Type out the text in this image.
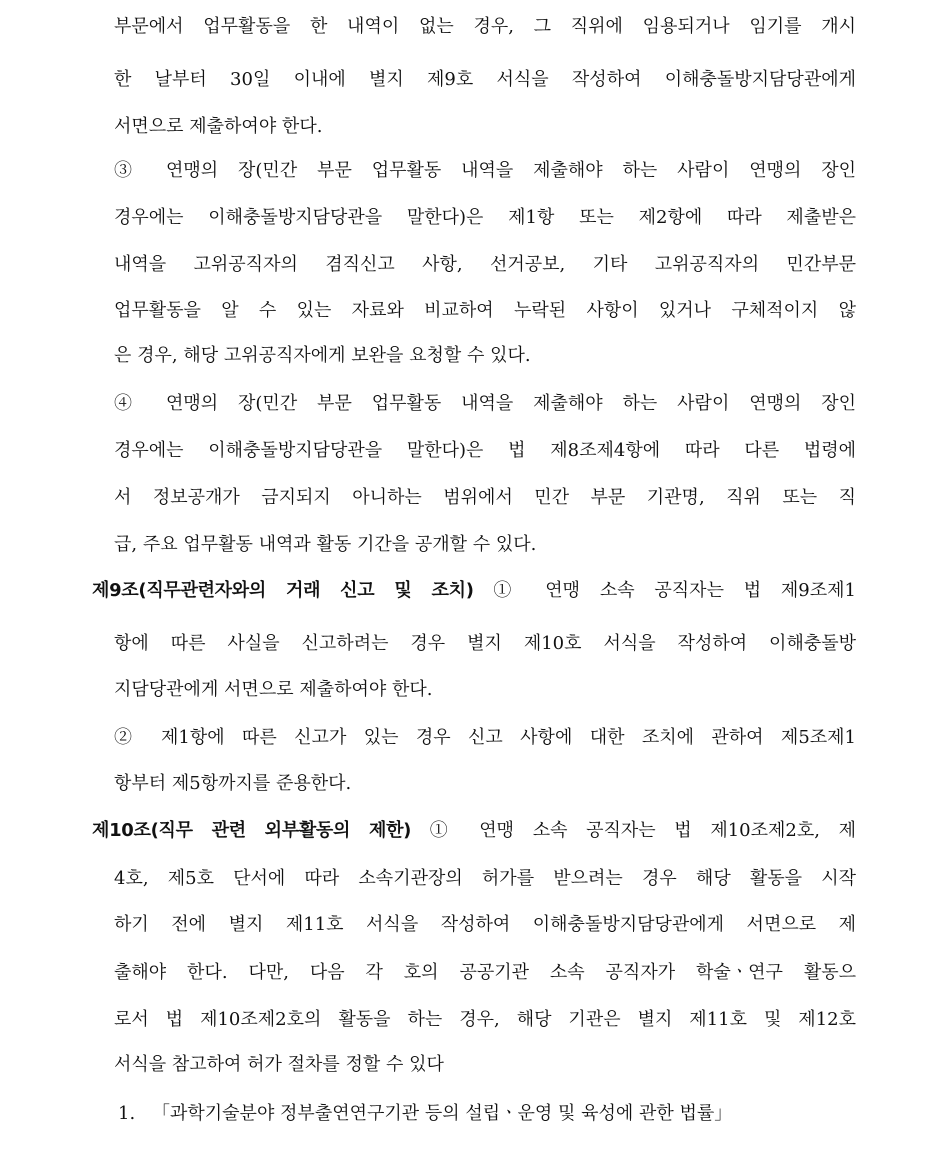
부문에서 업무활동을 한 내역이 없는 경우, 그 직위에 임용되거나 임기를 개시
한 날부터 30일 이내에 별지 제9호 서식을 작성하여 이해충돌방지담당관에게
서면으로 제출하여야 한다.
③ 연맹의 장(민간 부문 업무활동 내역을 제출해야 하는 사람이 연맹의 장인
경우에는 이해충돌방지담당관을 말한다)은 제1항 또는 제2항에 따라 제출받은
내역을 고위공직자의 겸직신고 사항, 선거공보, 기타 고위공직자의 민간부문
업무활동을 알 수 있는 자료와 비교하여 누락된 사항이 있거나 구체적이지 않
은 경우, 해당 고위공직자에게 보완을 요청할 수 있다.
④ 연맹의 장(민간 부문 업무활동 내역을 제출해야 하는 사람이 연맹의 장인
경우에는 이해충돌방지담당관을 말한다)은 법 제8조제4항에 따라 다른 법령에
서 정보공개가 금지되지 아니하는 범위에서 민간 부문 기관명, 직위 또는 직
급, 주요 업무활동 내역과 활동 기간을 공개할 수 있다.
제9조(직무관련자와의 거래 신고 및 조치) ① 연맹 소속 공직자는 법 제9조제1
항에 따른 사실을 신고하려는 경우 별지 제10호 서식을 작성하여 이해충돌방
지담당관에게 서면으로 제출하여야 한다.
② 제1항에 따른 신고가 있는 경우 신고 사항에 대한 조치에 관하여 제5조제1
항부터 제5항까지를 준용한다.
제10조(직무 관련 외부활동의 제한) ① 연맹 소속 공직자는 법 제10조제2호, 제
4호, 제5호 단서에 따라 소속기관장의 허가를 받으려는 경우 해당 활동을 시작
하기 전에 별지 제11호 서식을 작성하여 이해충돌방지담당관에게 서면으로 제
출해야 한다. 다만, 다음 각 호의 공공기관 소속 공직자가 학술ㆍ연구 활동으
로서 법 제10조제2호의 활동을 하는 경우, 해당 기관은 별지 제11호 및 제12호
서식을 참고하여 허가 절차를 정할 수 있다
1. 「과학기술분야 정부출연연구기관 등의 설립ㆍ운영 및 육성에 관한 법률」
